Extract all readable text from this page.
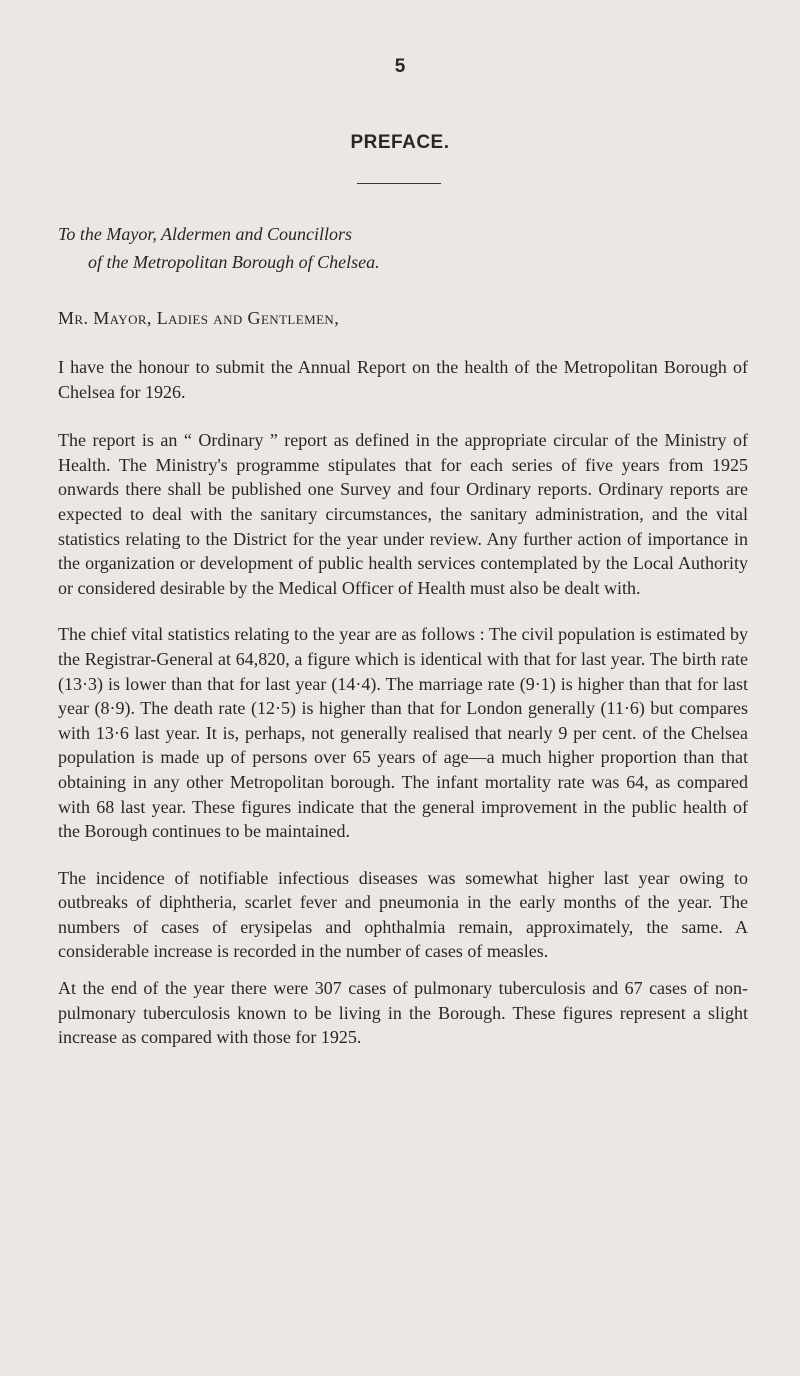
5
PREFACE.
To the Mayor, Aldermen and Councillors
of the Metropolitan Borough of Chelsea.
Mr. Mayor, Ladies and Gentlemen,

I have the honour to submit the Annual Report on the health of the Metropolitan Borough of Chelsea for 1926.

The report is an “ Ordinary ” report as defined in the appropriate circular of the Ministry of Health. The Ministry's programme stipulates that for each series of five years from 1925 onwards there shall be published one Survey and four Ordinary reports. Ordinary reports are expected to deal with the sanitary circumstances, the sanitary administration, and the vital statistics relating to the District for the year under review. Any further action of importance in the organization or development of public health services contemplated by the Local Authority or considered desirable by the Medical Officer of Health must also be dealt with.

The chief vital statistics relating to the year are as follows : The civil population is estimated by the Registrar-General at 64,820, a figure which is identical with that for last year. The birth rate (13·3) is lower than that for last year (14·4). The marriage rate (9·1) is higher than that for last year (8·9). The death rate (12·5) is higher than that for London generally (11·6) but compares with 13·6 last year. It is, perhaps, not generally realised that nearly 9 per cent. of the Chelsea population is made up of persons over 65 years of age—a much higher proportion than that obtaining in any other Metropolitan borough. The infant mortality rate was 64, as compared with 68 last year. These figures indicate that the general improvement in the public health of the Borough continues to be maintained.

The incidence of notifiable infectious diseases was somewhat higher last year owing to outbreaks of diphtheria, scarlet fever and pneumonia in the early months of the year. The numbers of cases of erysipelas and ophthalmia remain, approximately, the same. A considerable increase is recorded in the number of cases of measles.

At the end of the year there were 307 cases of pulmonary tuberculosis and 67 cases of non-pulmonary tuberculosis known to be living in the Borough. These figures represent a slight increase as compared with those for 1925.
